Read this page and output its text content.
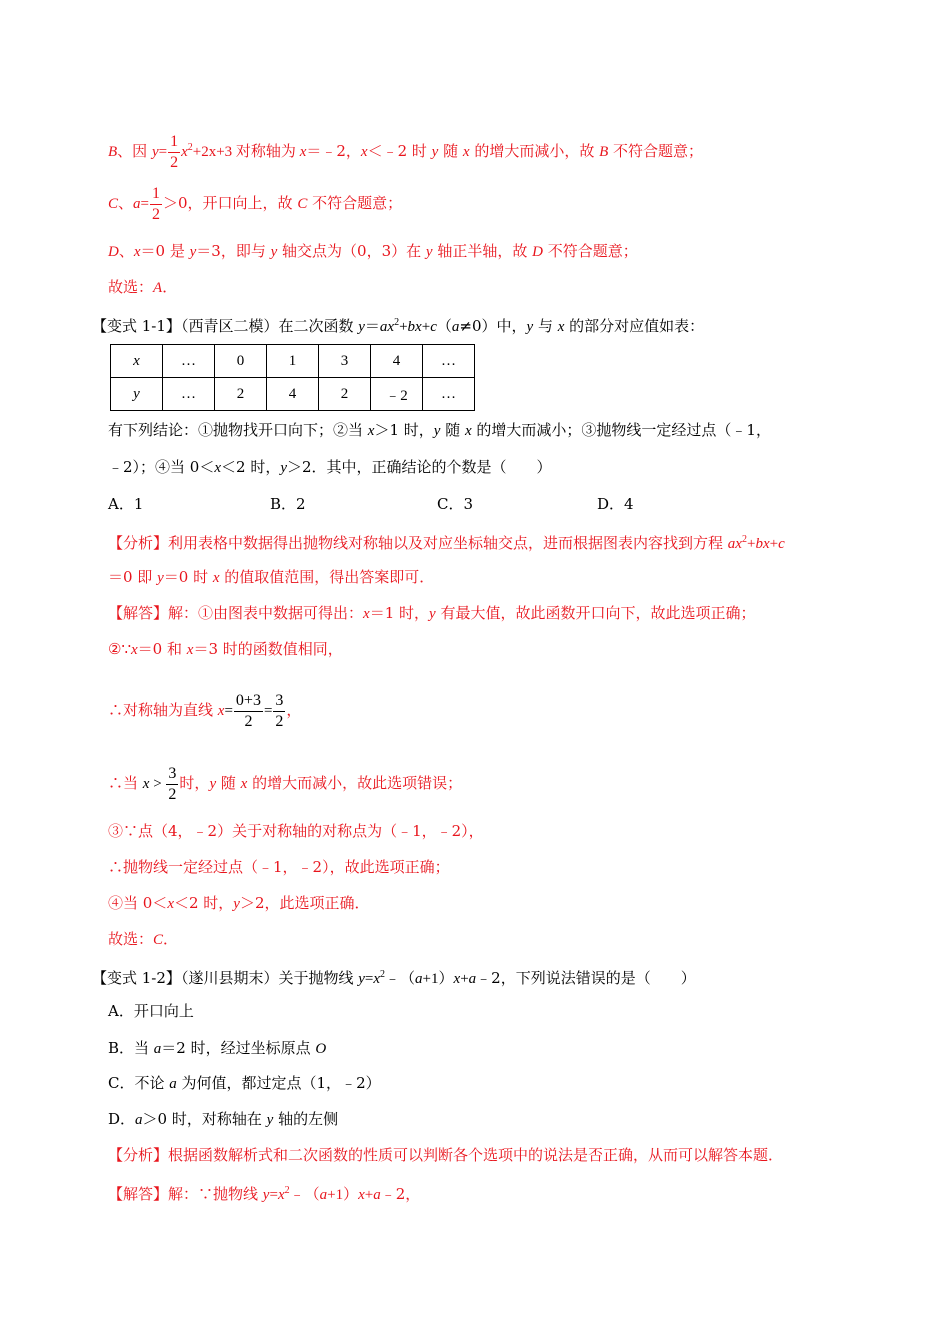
B、因 $y= \frac{1}{2} x^2+2x+3$ 对称轴为 x＝﹣2，x＜﹣2 时 y 随 x 的增大而减小，故 B 不符合题意；
C、$a= \frac{1}{2} >0$，开口向上，故 C 不符合题意；
D、x＝0 是 y＝3，即与 y 轴交点为（0，3）在 y 轴正半轴，故 D 不符合题意；
故选：A．
【变式 1-1】（西青区二模）在二次函数 $y=ax^2+bx+c(a\ne 0)$中，y 与 x 的部分对应值如表：
x	…	0	1	3	4	…
y	…	2	4	2	﹣2	…
有下列结论：①抛物找开口向下；②当 x＞1 时，y 随 x 的增大而减小；③抛物线一定经过点（﹣1，
﹣2）；④当 0＜x＜2 时，y＞2．其中，正确结论的个数是（　　）
A．1	B．2	C．3	D．4
【分析】利用表格中数据得出抛物线对称轴以及对应坐标轴交点，进而根据图表内容找到方程 $ax^2+bx+c$
＝0 即 y＝0 时 x 的值取值范围，得出答案即可．
【解答】解：①由图表中数据可得出：x＝1 时，y 有最大值，故此函数开口向下，故此选项正确；
②∵x＝0 和 x＝3 时的函数值相同，
∴对称轴为直线 $x= \frac{0+3}{2} = \frac{3}{2}$ ，
∴当 $x > \frac{3}{2}$ 时，y 随 x 的增大而减小，故此选项错误；
③∵点（4，﹣2）关于对称轴的对称点为（﹣1，﹣2），
∴抛物线一定经过点（﹣1，﹣2），故此选项正确；
④当 0＜x＜2 时，y＞2，此选项正确．
故选：C．
【变式 1-2】（遂川县期末）关于抛物线 $y=x^2﹣(a+1)x+a﹣2$，下列说法错误的是（　　）
A．开口向上
B．当 a＝2 时，经过坐标原点 O
C．不论 a 为何值，都过定点（1，﹣2）
D．a＞0 时，对称轴在 y 轴的左侧
【分析】根据函数解析式和二次函数的性质可以判断各个选项中的说法是否正确，从而可以解答本题．
【解答】解：∵抛物线 $y=x^2﹣(a+1)x+a﹣2$，
